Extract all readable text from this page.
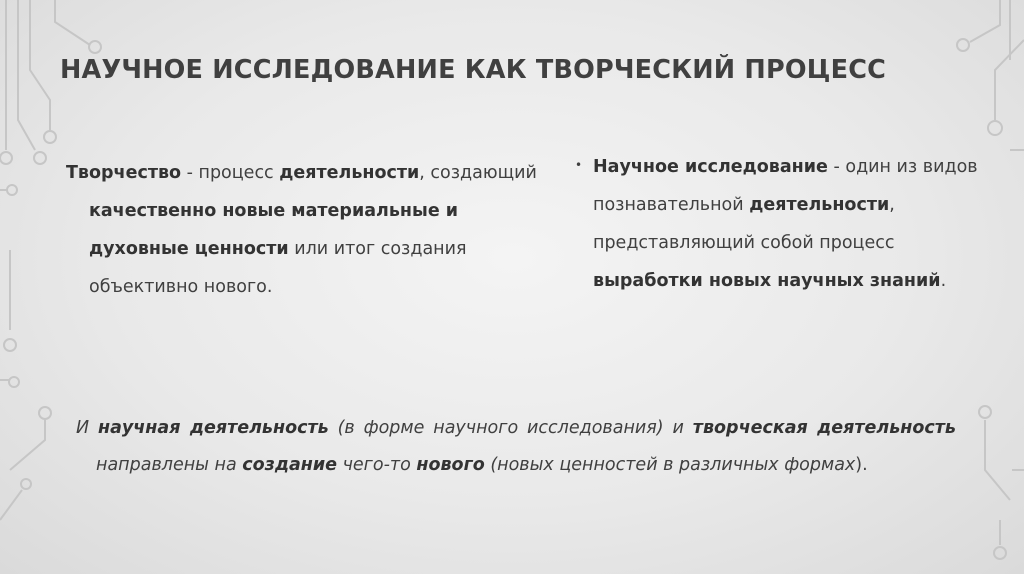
НАУЧНОЕ ИССЛЕДОВАНИЕ КАК ТВОРЧЕСКИЙ ПРОЦЕСС
Творчество - процесс деятельности, создающий качественно новые материальные и духовные ценности или итог создания объективно нового.
• Научное исследование - один из видов познавательной деятельности, представляющий собой процесс выработки новых научных знаний.
И научная деятельность (в форме научного исследования) и творческая деятельность направлены на создание чего-то нового (новых ценностей в различных формах).
